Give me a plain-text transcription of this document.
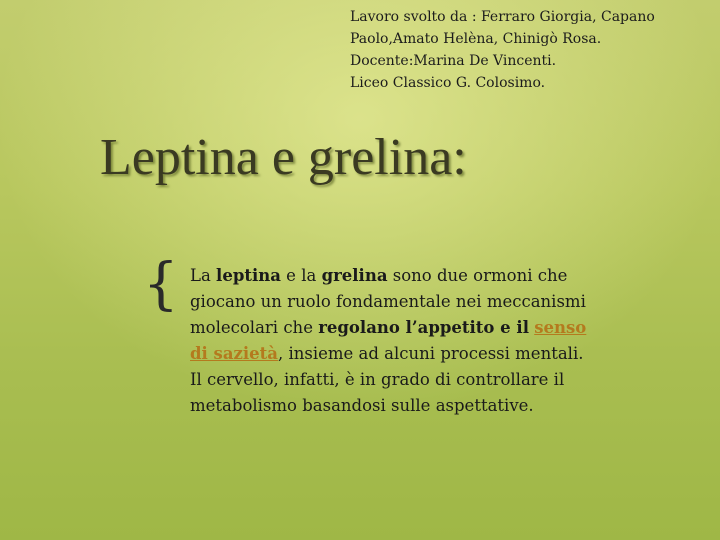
Lavoro svolto da : Ferraro Giorgia, Capano
Paolo,Amato Helèna, Chinigò Rosa.
Docente:Marina De Vincenti.
Liceo Classico G. Colosimo.
Leptina e grelina:
{ La leptina e la grelina sono due ormoni che giocano un ruolo fondamentale nei meccanismi molecolari che regolano l’appetito e il senso di sazietà, insieme ad alcuni processi mentali. Il cervello, infatti, è in grado di controllare il metabolismo basandosi sulle aspettative.
